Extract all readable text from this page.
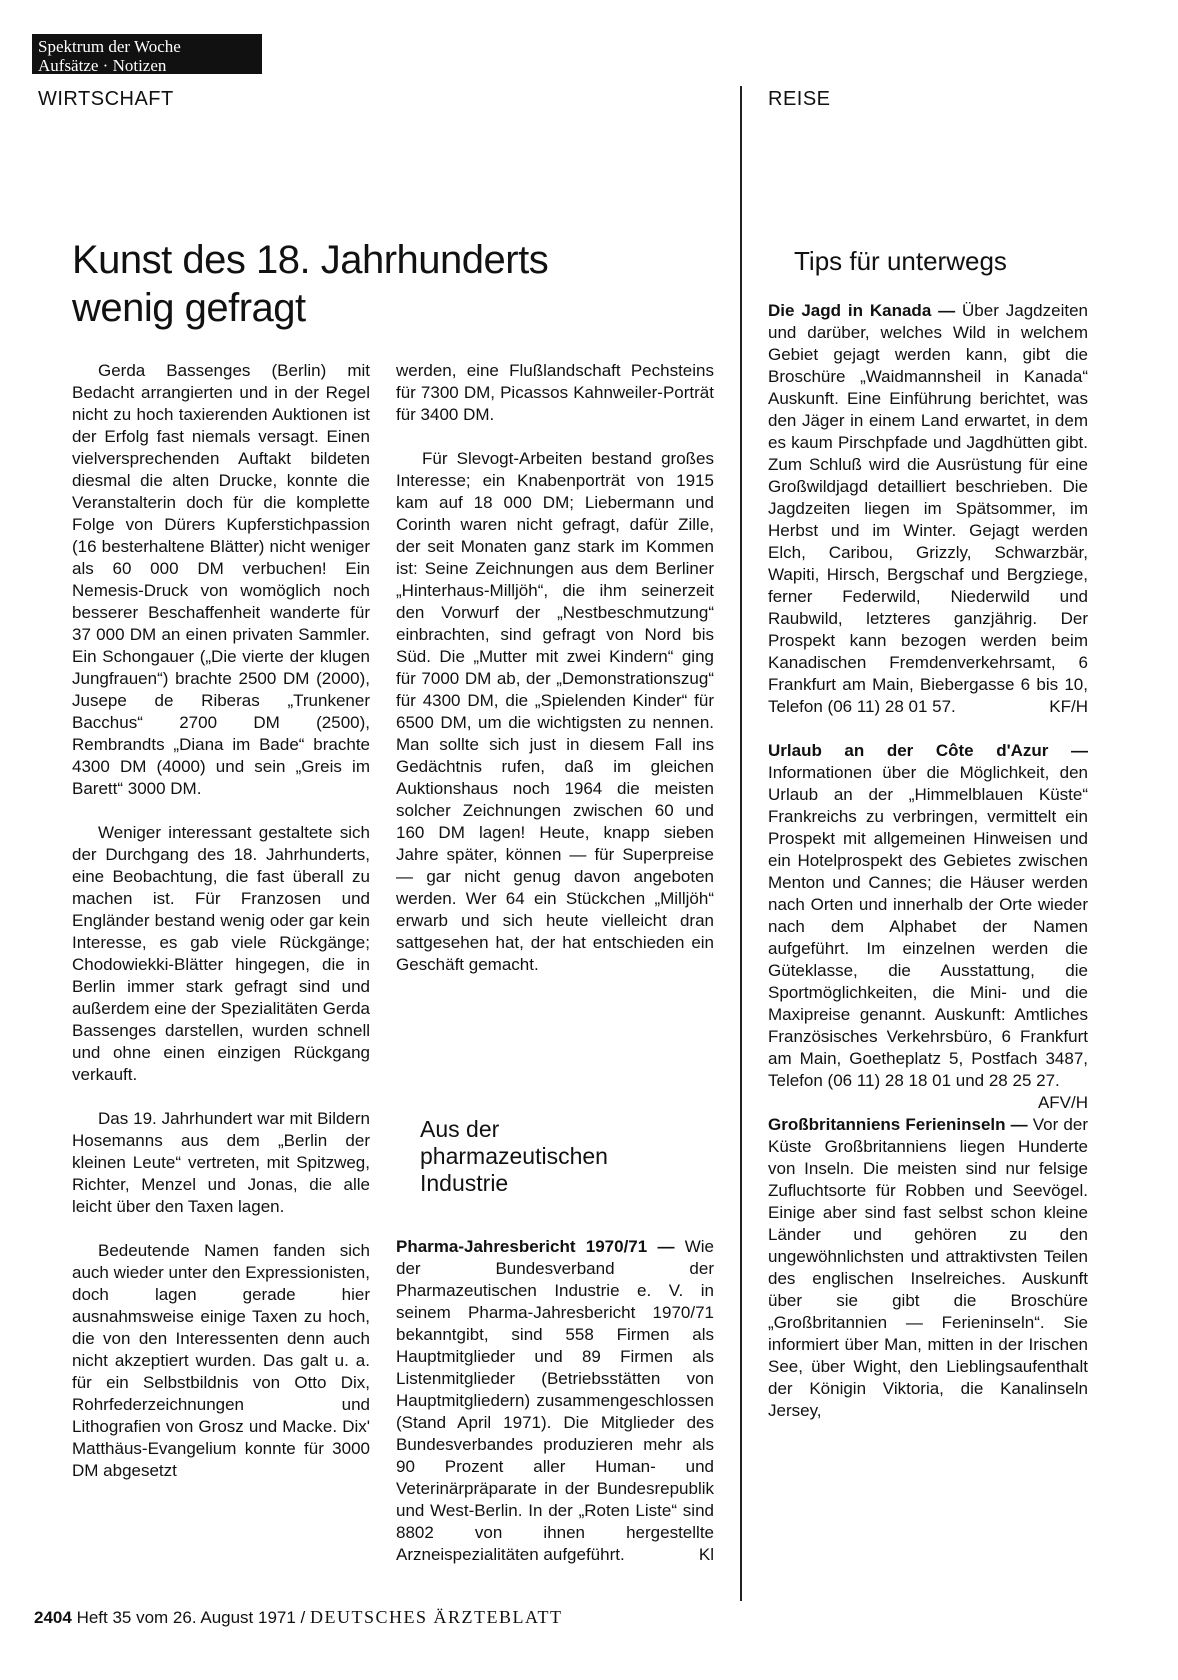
Spektrum der Woche
Aufsätze · Notizen
WIRTSCHAFT	REISE
Kunst des 18. Jahrhunderts
wenig gefragt

Gerda Bassenges (Berlin) mit Bedacht arrangierten und in der Regel nicht zu hoch taxierenden Auktionen ist der Erfolg fast niemals versagt. Einen vielversprechenden Auftakt bildeten diesmal die alten Drucke, konnte die Veranstalterin doch für die komplette Folge von Dürers Kupferstichpassion (16 besterhaltene Blätter) nicht weniger als 60 000 DM verbuchen! Ein Nemesis-Druck von womöglich noch besserer Beschaffenheit wanderte für 37 000 DM an einen privaten Sammler. Ein Schongauer („Die vierte der klugen Jungfrauen“) brachte 2500 DM (2000), Jusepe de Riberas „Trunkener Bacchus“ 2700 DM (2500), Rembrandts „Diana im Bade“ brachte 4300 DM (4000) und sein „Greis im Barett“ 3000 DM.

Weniger interessant gestaltete sich der Durchgang des 18. Jahrhunderts, eine Beobachtung, die fast überall zu machen ist. Für Franzosen und Engländer bestand wenig oder gar kein Interesse, es gab viele Rückgänge; Chodowiekki-Blätter hingegen, die in Berlin immer stark gefragt sind und außerdem eine der Spezialitäten Gerda Bassenges darstellen, wurden schnell und ohne einen einzigen Rückgang verkauft.

Das 19. Jahrhundert war mit Bildern Hosemanns aus dem „Berlin der kleinen Leute“ vertreten, mit Spitzweg, Richter, Menzel und Jonas, die alle leicht über den Taxen lagen.

Bedeutende Namen fanden sich auch wieder unter den Expressionisten, doch lagen gerade hier ausnahmsweise einige Taxen zu hoch, die von den Interessenten denn auch nicht akzeptiert wurden. Das galt u. a. für ein Selbstbildnis von Otto Dix, Rohrfederzeichnungen und Lithografien von Grosz und Macke. Dix' Matthäus-Evangelium konnte für 3000 DM abgesetzt

werden, eine Flußlandschaft Pechsteins für 7300 DM, Picassos Kahnweiler-Porträt für 3400 DM.

Für Slevogt-Arbeiten bestand großes Interesse; ein Knabenporträt von 1915 kam auf 18 000 DM; Liebermann und Corinth waren nicht gefragt, dafür Zille, der seit Monaten ganz stark im Kommen ist: Seine Zeichnungen aus dem Berliner „Hinterhaus-Milljöh“, die ihm seinerzeit den Vorwurf der „Nestbeschmutzung“ einbrachten, sind gefragt von Nord bis Süd. Die „Mutter mit zwei Kindern“ ging für 7000 DM ab, der „Demonstrationszug“ für 4300 DM, die „Spielenden Kinder“ für 6500 DM, um die wichtigsten zu nennen. Man sollte sich just in diesem Fall ins Gedächtnis rufen, daß im gleichen Auktionshaus noch 1964 die meisten solcher Zeichnungen zwischen 60 und 160 DM lagen! Heute, knapp sieben Jahre später, können — für Superpreise — gar nicht genug davon angeboten werden. Wer 64 ein Stückchen „Milljöh“ erwarb und sich heute vielleicht dran sattgesehen hat, der hat entschieden ein Geschäft gemacht.

Aus der pharmazeutischen Industrie

Pharma-Jahresbericht 1970/71 — Wie der Bundesverband der Pharmazeutischen Industrie e. V. in seinem Pharma-Jahresbericht 1970/71 bekanntgibt, sind 558 Firmen als Hauptmitglieder und 89 Firmen als Listenmitglieder (Betriebsstätten von Hauptmitgliedern) zusammengeschlossen (Stand April 1971). Die Mitglieder des Bundesverbandes produzieren mehr als 90 Prozent aller Human- und Veterinärpräparate in der Bundesrepublik und West-Berlin. In der „Roten Liste“ sind 8802 von ihnen hergestellte Arzneispezialitäten aufgeführt.	Kl

Tips für unterwegs

Die Jagd in Kanada — Über Jagdzeiten und darüber, welches Wild in welchem Gebiet gejagt werden kann, gibt die Broschüre „Waidmannsheil in Kanada“ Auskunft. Eine Einführung berichtet, was den Jäger in einem Land erwartet, in dem es kaum Pirschpfade und Jagdhütten gibt. Zum Schluß wird die Ausrüstung für eine Großwildjagd detailliert beschrieben. Die Jagdzeiten liegen im Spätsommer, im Herbst und im Winter. Gejagt werden Elch, Caribou, Grizzly, Schwarzbär, Wapiti, Hirsch, Bergschaf und Bergziege, ferner Federwild, Niederwild und Raubwild, letzteres ganzjährig. Der Prospekt kann bezogen werden beim Kanadischen Fremdenverkehrsamt, 6 Frankfurt am Main, Biebergasse 6 bis 10, Telefon (06 11) 28 01 57.	KF/H

Urlaub an der Côte d'Azur — Informationen über die Möglichkeit, den Urlaub an der „Himmelblauen Küste“ Frankreichs zu verbringen, vermittelt ein Prospekt mit allgemeinen Hinweisen und ein Hotelprospekt des Gebietes zwischen Menton und Cannes; die Häuser werden nach Orten und innerhalb der Orte wieder nach dem Alphabet der Namen aufgeführt. Im einzelnen werden die Güteklasse, die Ausstattung, die Sportmöglichkeiten, die Mini- und die Maxipreise genannt. Auskunft: Amtliches Französisches Verkehrsbüro, 6 Frankfurt am Main, Goetheplatz 5, Postfach 3487, Telefon (06 11) 28 18 01 und 28 25 27.
AFV/H

Großbritanniens Ferieninseln — Vor der Küste Großbritanniens liegen Hunderte von Inseln. Die meisten sind nur felsige Zufluchtsorte für Robben und Seevögel. Einige aber sind fast selbst schon kleine Länder und gehören zu den ungewöhnlichsten und attraktivsten Teilen des englischen Inselreiches. Auskunft über sie gibt die Broschüre „Großbritannien — Ferieninseln“. Sie informiert über Man, mitten in der Irischen See, über Wight, den Lieblingsaufenthalt der Königin Viktoria, die Kanalinseln Jersey,

2404 Heft 35 vom 26. August 1971 / DEUTSCHES ÄRZTEBLATT
